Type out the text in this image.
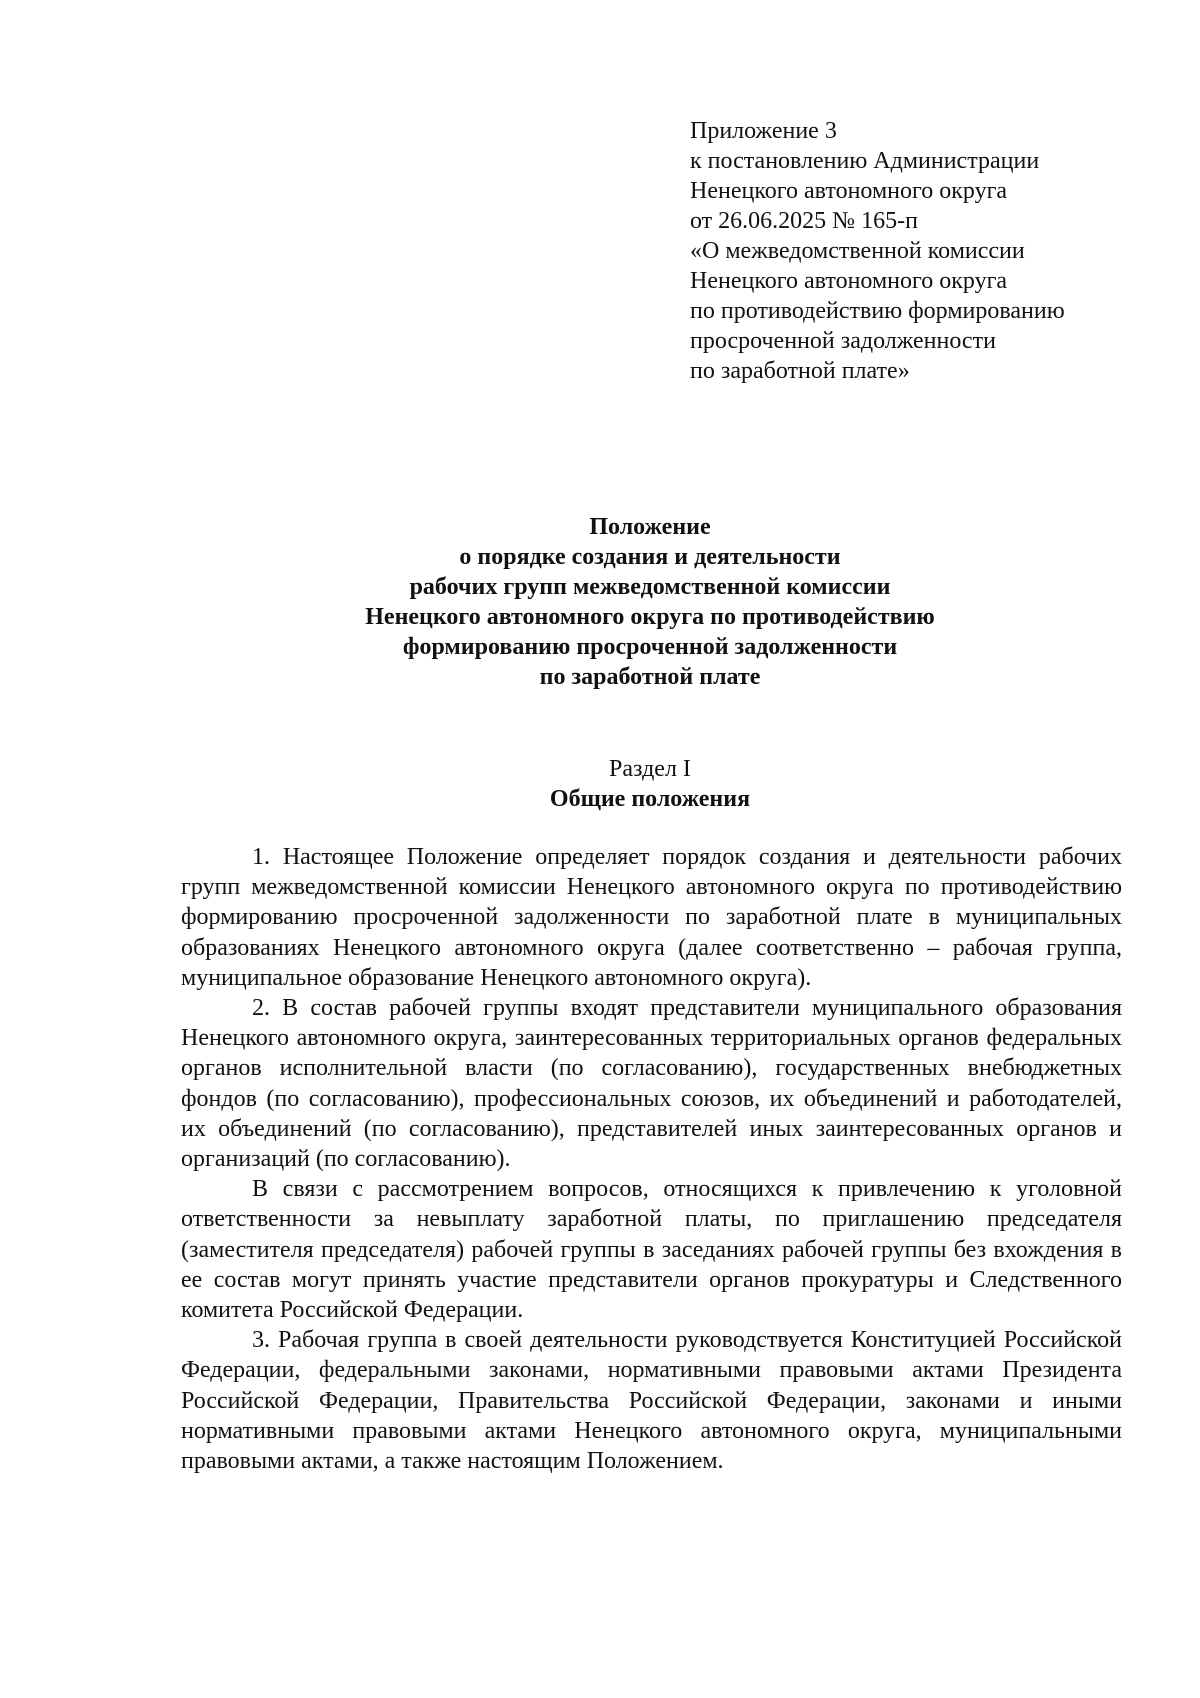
Приложение 3
к постановлению Администрации
Ненецкого автономного округа
от 26.06.2025 № 165-п
«О межведомственной комиссии
Ненецкого автономного округа
по противодействию формированию
просроченной задолженности
по заработной плате»
Положение
о порядке создания и деятельности
рабочих групп межведомственной комиссии
Ненецкого автономного округа по противодействию
формированию просроченной задолженности
по заработной плате
Раздел I
Общие положения

1. Настоящее Положение определяет порядок создания и деятельности рабочих групп межведомственной комиссии Ненецкого автономного округа по противодействию формированию просроченной задолженности по заработной плате в муниципальных образованиях Ненецкого автономного округа (далее соответственно – рабочая группа, муниципальное образование Ненецкого автономного округа).

2. В состав рабочей группы входят представители муниципального образования Ненецкого автономного округа, заинтересованных территориальных органов федеральных органов исполнительной власти (по согласованию), государственных внебюджетных фондов (по согласованию), профессиональных союзов, их объединений и работодателей, их объединений (по согласованию), представителей иных заинтересованных органов и организаций (по согласованию).

В связи с рассмотрением вопросов, относящихся к привлечению к уголовной ответственности за невыплату заработной платы, по приглашению председателя (заместителя председателя) рабочей группы в заседаниях рабочей группы без вхождения в ее состав могут принять участие представители органов прокуратуры и Следственного комитета Российской Федерации.

3. Рабочая группа в своей деятельности руководствуется Конституцией Российской Федерации, федеральными законами, нормативными правовыми актами Президента Российской Федерации, Правительства Российской Федерации, законами и иными нормативными правовыми актами Ненецкого автономного округа, муниципальными правовыми актами, а также настоящим Положением.
